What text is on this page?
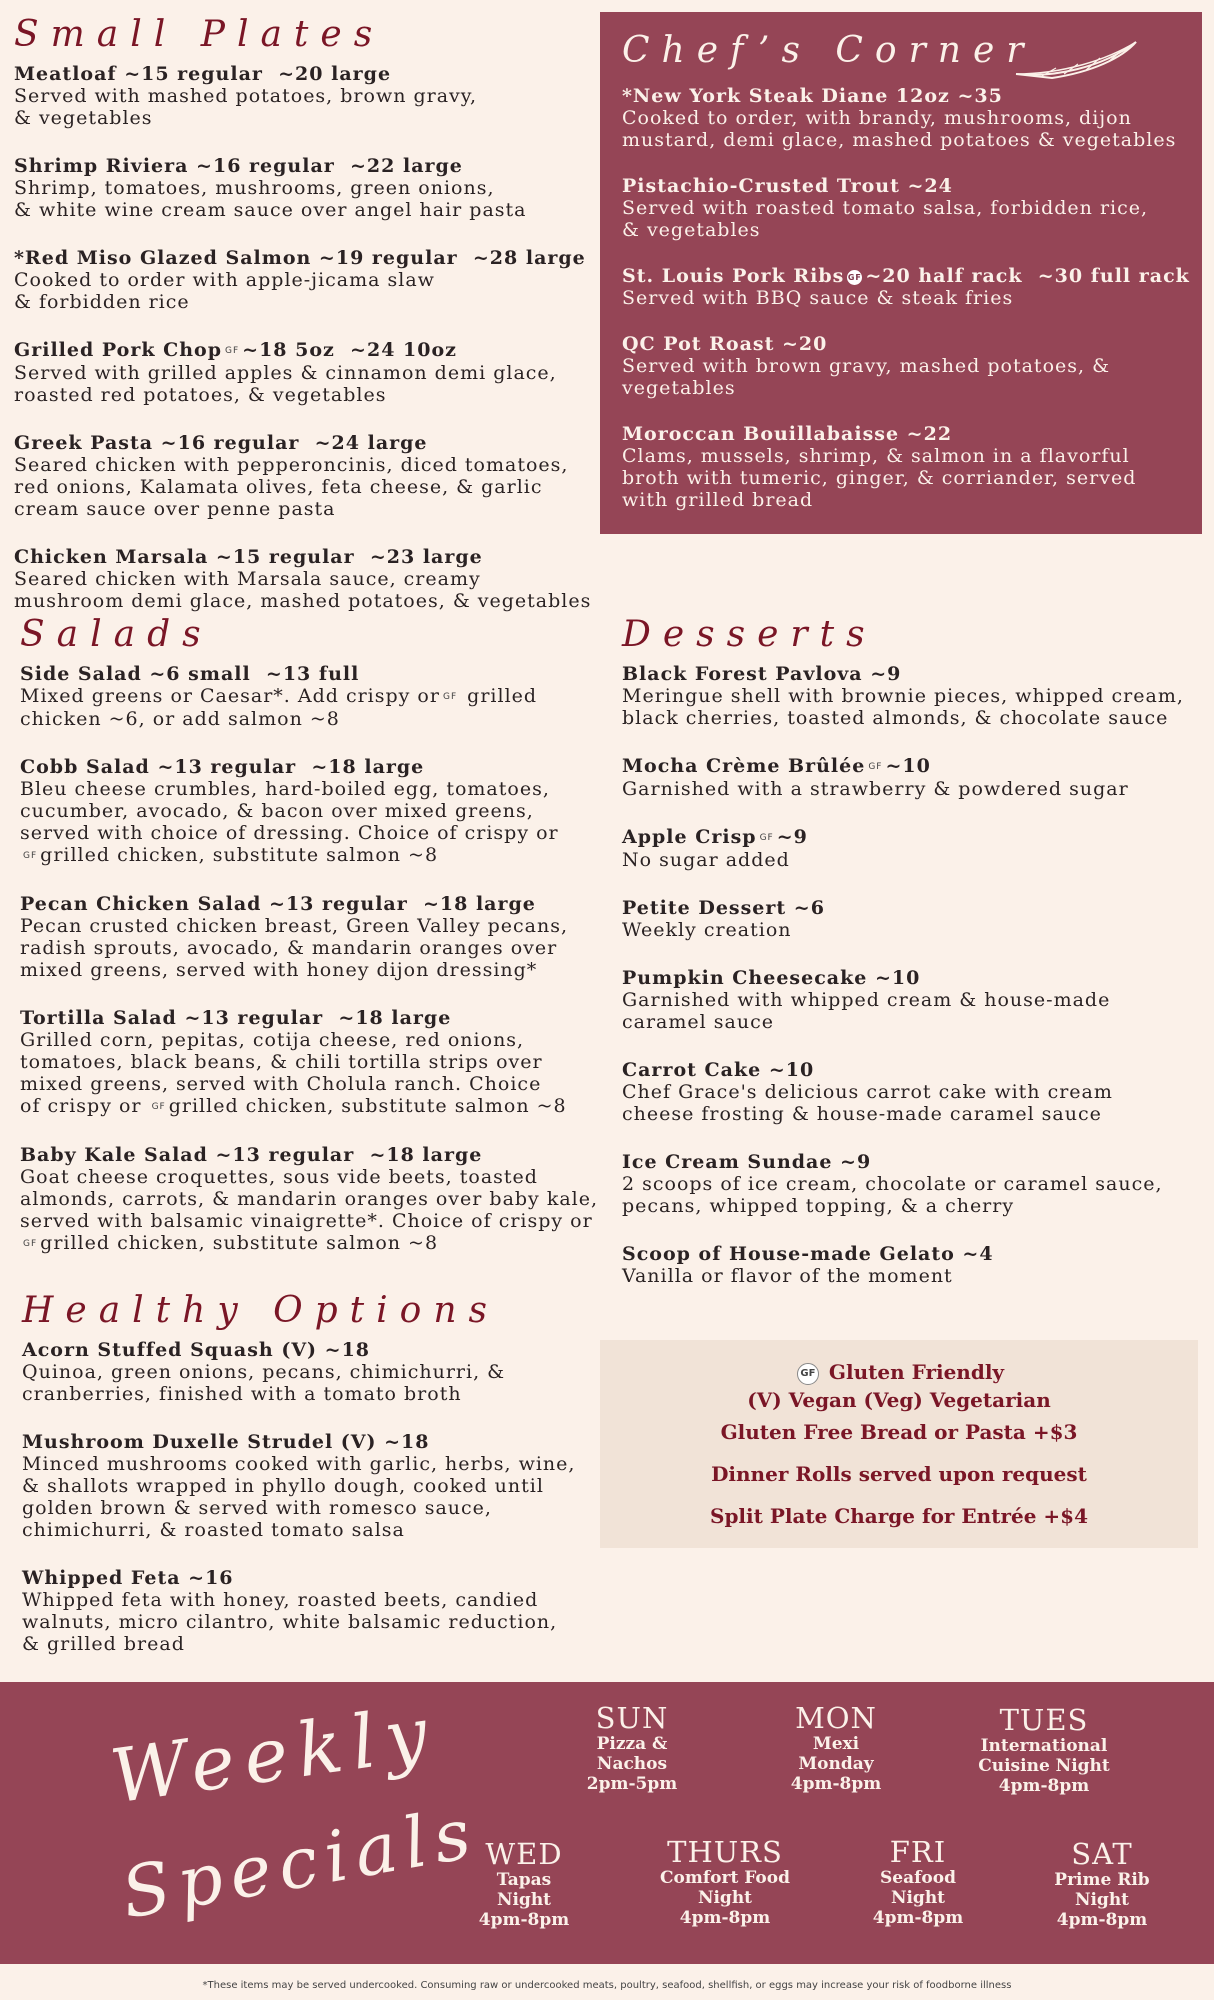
Small Plates
Meatloaf ~15 regular  ~20 large
Served with mashed potatoes, brown gravy,
& vegetables
Shrimp Riviera ~16 regular  ~22 large
Shrimp, tomatoes, mushrooms, green onions,
& white wine cream sauce over angel hair pasta
*Red Miso Glazed Salmon ~19 regular  ~28 large
Cooked to order with apple-jicama slaw
& forbidden rice
Grilled Pork Chop GF ~18 5oz  ~24 10oz
Served with grilled apples & cinnamon demi glace,
roasted red potatoes, & vegetables
Greek Pasta ~16 regular  ~24 large
Seared chicken with pepperoncinis, diced tomatoes,
red onions, Kalamata olives, feta cheese, & garlic
cream sauce over penne pasta
Chicken Marsala ~15 regular  ~23 large
Seared chicken with Marsala sauce, creamy
mushroom demi glace, mashed potatoes, & vegetables
Chef’s Corner
*New York Steak Diane 12oz ~35
Cooked to order, with brandy, mushrooms, dijon
mustard, demi glace, mashed potatoes & vegetables
Pistachio-Crusted Trout ~24
Served with roasted tomato salsa, forbidden rice,
& vegetables
St. Louis Pork Ribs GF ~20 half rack  ~30 full rack
Served with BBQ sauce & steak fries
QC Pot Roast ~20
Served with brown gravy, mashed potatoes, &
vegetables
Moroccan Bouillabaisse ~22
Clams, mussels, shrimp, & salmon in a flavorful
broth with tumeric, ginger, & corriander, served
with grilled bread
Salads
Side Salad ~6 small  ~13 full
Mixed greens or Caesar*. Add crispy or GF grilled
chicken ~6, or add salmon ~8
Cobb Salad ~13 regular  ~18 large
Bleu cheese crumbles, hard-boiled egg, tomatoes,
cucumber, avocado, & bacon over mixed greens,
served with choice of dressing. Choice of crispy or
GF grilled chicken, substitute salmon ~8
Pecan Chicken Salad ~13 regular  ~18 large
Pecan crusted chicken breast, Green Valley pecans,
radish sprouts, avocado, & mandarin oranges over
mixed greens, served with honey dijon dressing*
Tortilla Salad ~13 regular  ~18 large
Grilled corn, pepitas, cotija cheese, red onions,
tomatoes, black beans, & chili tortilla strips over
mixed greens, served with Cholula ranch. Choice
of crispy or GF grilled chicken, substitute salmon ~8
Baby Kale Salad ~13 regular  ~18 large
Goat cheese croquettes, sous vide beets, toasted
almonds, carrots, & mandarin oranges over baby kale,
served with balsamic vinaigrette*. Choice of crispy or
GF grilled chicken, substitute salmon ~8
Desserts
Black Forest Pavlova ~9
Meringue shell with brownie pieces, whipped cream,
black cherries, toasted almonds, & chocolate sauce
Mocha Crème Brûlée GF ~10
Garnished with a strawberry & powdered sugar
Apple Crisp GF ~9
No sugar added
Petite Dessert ~6
Weekly creation
Pumpkin Cheesecake ~10
Garnished with whipped cream & house-made
caramel sauce
Carrot Cake ~10
Chef Grace's delicious carrot cake with cream
cheese frosting & house-made caramel sauce
Ice Cream Sundae ~9
2 scoops of ice cream, chocolate or caramel sauce,
pecans, whipped topping, & a cherry
Scoop of House-made Gelato ~4
Vanilla or flavor of the moment
Healthy Options
Acorn Stuffed Squash (V) ~18
Quinoa, green onions, pecans, chimichurri, &
cranberries, finished with a tomato broth
Mushroom Duxelle Strudel (V) ~18
Minced mushrooms cooked with garlic, herbs, wine,
& shallots wrapped in phyllo dough, cooked until
golden brown & served with romesco sauce,
chimichurri, & roasted tomato salsa
Whipped Feta ~16
Whipped feta with honey, roasted beets, candied
walnuts, micro cilantro, white balsamic reduction,
& grilled bread
GF Gluten Friendly
(V) Vegan (Veg) Vegetarian
Gluten Free Bread or Pasta +$3
Dinner Rolls served upon request
Split Plate Charge for Entrée +$4
Weekly
Specials
SUN
Pizza &
Nachos
2pm-5pm
MON
Mexi
Monday
4pm-8pm
TUES
International
Cuisine Night
4pm-8pm
WED
Tapas
Night
4pm-8pm
THURS
Comfort Food
Night
4pm-8pm
FRI
Seafood
Night
4pm-8pm
SAT
Prime Rib
Night
4pm-8pm
*These items may be served undercooked. Consuming raw or undercooked meats, poultry, seafood, shellfish, or eggs may increase your risk of foodborne illness
